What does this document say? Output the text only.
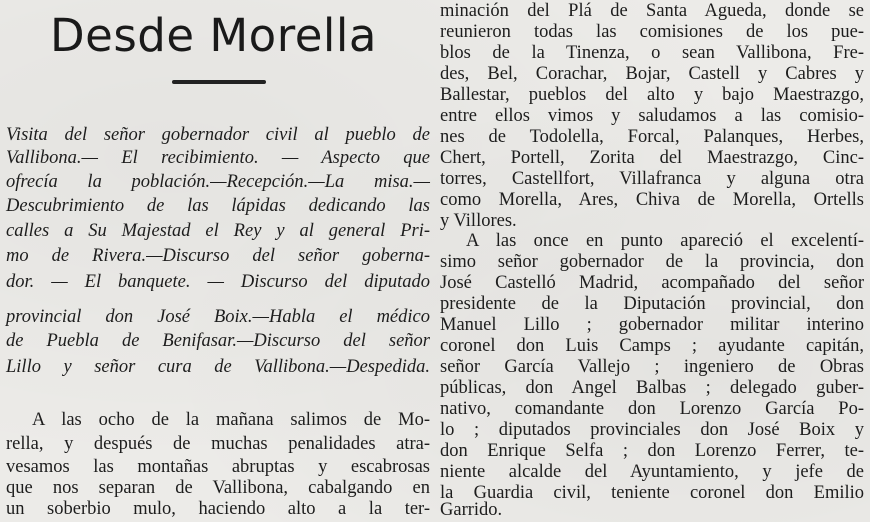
Desde Morella
Visita del señor gobernador civil al pueblo de
Vallibona.— El recibimiento. — Aspecto que
ofrecía la población.—Recepción.—La misa.—
Descubrimiento de las lápidas dedicando las
calles a Su Majestad el Rey y al general Pri-
mo de Rivera.—Discurso del señor goberna-
dor. — El banquete. — Discurso del diputado
provincial don José Boix.—Habla el médico
de Puebla de Benifasar.—Discurso del señor
Lillo y señor cura de Vallibona.—Despedida.
A las ocho de la mañana salimos de Mo-
rella, y después de muchas penalidades atra-
vesamos las montañas abruptas y escabrosas
que nos separan de Vallibona, cabalgando en
un soberbio mulo, haciendo alto a la ter-
minación del Plá de Santa Agueda, donde se
reunieron todas las comisiones de los pue-
blos de la Tinenza, o sean Vallibona, Fre-
des, Bel, Corachar, Bojar, Castell y Cabres y
Ballestar, pueblos del alto y bajo Maestrazgo,
entre ellos vimos y saludamos a las comisio-
nes de Todolella, Forcal, Palanques, Herbes,
Chert, Portell, Zorita del Maestrazgo, Cinc-
torres, Castellfort, Villafranca y alguna otra
como Morella, Ares, Chiva de Morella, Ortells
y Villores.
A las once en punto apareció el excelentí-
simo señor gobernador de la provincia, don
José Castelló Madrid, acompañado del señor
presidente de la Diputación provincial, don
Manuel Lillo ; gobernador militar interino
coronel don Luis Camps ; ayudante capitán,
señor García Vallejo ; ingeniero de Obras
públicas, don Angel Balbas ; delegado guber-
nativo, comandante don Lorenzo García Po-
lo ; diputados provinciales don José Boix y
don Enrique Selfa ; don Lorenzo Ferrer, te-
niente alcalde del Ayuntamiento, y jefe de
la Guardia civil, teniente coronel don Emilio
Garrido.
